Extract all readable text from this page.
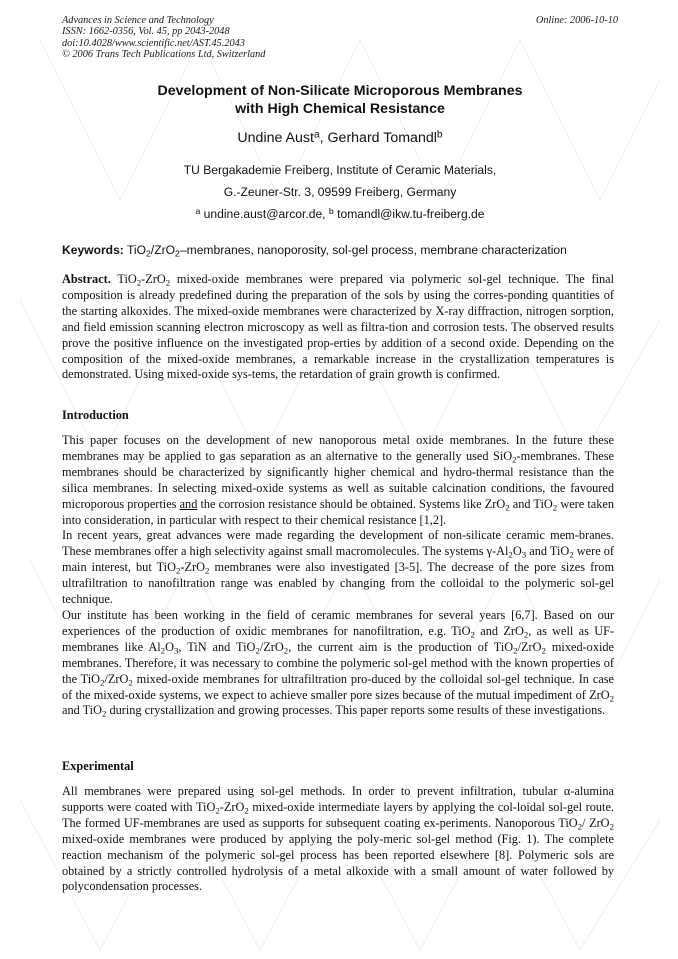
Advances in Science and Technology
ISSN: 1662-0356, Vol. 45, pp 2043-2048
doi:10.4028/www.scientific.net/AST.45.2043
© 2006 Trans Tech Publications Ltd, Switzerland
Online: 2006-10-10
Development of Non-Silicate Microporous Membranes
with High Chemical Resistance
Undine Aust$^a$, Gerhard Tomandl$^b$
TU Bergakademie Freiberg, Institute of Ceramic Materials,
G.-Zeuner-Str. 3, 09599 Freiberg, Germany
$^a$ undine.aust@arcor.de, $^b$ tomandl@ikw.tu-freiberg.de
Keywords: TiO$_2$/ZrO$_2$–membranes, nanoporosity, sol-gel process, membrane characterization

Abstract. TiO$_2$-ZrO$_2$ mixed-oxide membranes were prepared via polymeric sol-gel technique. The final composition is already predefined during the preparation of the sols by using the corres-ponding quantities of the starting alkoxides. The mixed-oxide membranes were characterized by X-ray diffraction, nitrogen sorption, and field emission scanning electron microscopy as well as filtra-tion and corrosion tests. The observed results prove the positive influence on the investigated prop-erties by addition of a second oxide. Depending on the composition of the mixed-oxide membranes, a remarkable increase in the crystallization temperatures is demonstrated. Using mixed-oxide sys-tems, the retardation of grain growth is confirmed.

Introduction

This paper focuses on the development of new nanoporous metal oxide membranes. In the future these membranes may be applied to gas separation as an alternative to the generally used SiO$_2$-membranes. These membranes should be characterized by significantly higher chemical and hydro-thermal resistance than the silica membranes. In selecting mixed-oxide systems as well as suitable calcination conditions, the favoured microporous properties and the corrosion resistance should be obtained. Systems like ZrO$_2$ and TiO$_2$ were taken into consideration, in particular with respect to their chemical resistance [1,2].

In recent years, great advances were made regarding the development of non-silicate ceramic mem-branes. These membranes offer a high selectivity against small macromolecules. The systems $\gamma-Al_2O_3$ and TiO$_2$ were of main interest, but TiO$_2$-ZrO$_2$ membranes were also investigated [3-5]. The decrease of the pore sizes from ultrafiltration to nanofiltration range was enabled by changing from the colloidal to the polymeric sol-gel technique.

Our institute has been working in the field of ceramic membranes for several years [6,7]. Based on our experiences of the production of oxidic membranes for nanofiltration, e.g. TiO$_2$ and ZrO$_2$, as well as UF-membranes like $Al_2O_3$, TiN and TiO$_2$/ZrO$_2$, the current aim is the production of TiO$_2$/ZrO$_2$ mixed-oxide membranes. Therefore, it was necessary to combine the polymeric sol-gel method with the known properties of the TiO$_2$/ZrO$_2$ mixed-oxide membranes for ultrafiltration pro-duced by the colloidal sol-gel technique. In case of the mixed-oxide systems, we expect to achieve smaller pore sizes because of the mutual impediment of ZrO$_2$ and TiO$_2$ during crystallization and growing processes. This paper reports some results of these investigations.

Experimental

All membranes were prepared using sol-gel methods. In order to prevent infiltration, tubular α-alumina supports were coated with TiO$_2$-ZrO$_2$ mixed-oxide intermediate layers by applying the col-loidal sol-gel route. The formed UF-membranes are used as supports for subsequent coating ex-periments. Nanoporous TiO$_2$/ ZrO$_2$ mixed-oxide membranes were produced by applying the poly-meric sol-gel method (Fig. 1). The complete reaction mechanism of the polymeric sol-gel process has been reported elsewhere [8]. Polymeric sols are obtained by a strictly controlled hydrolysis of a metal alkoxide with a small amount of water followed by polycondensation processes.
